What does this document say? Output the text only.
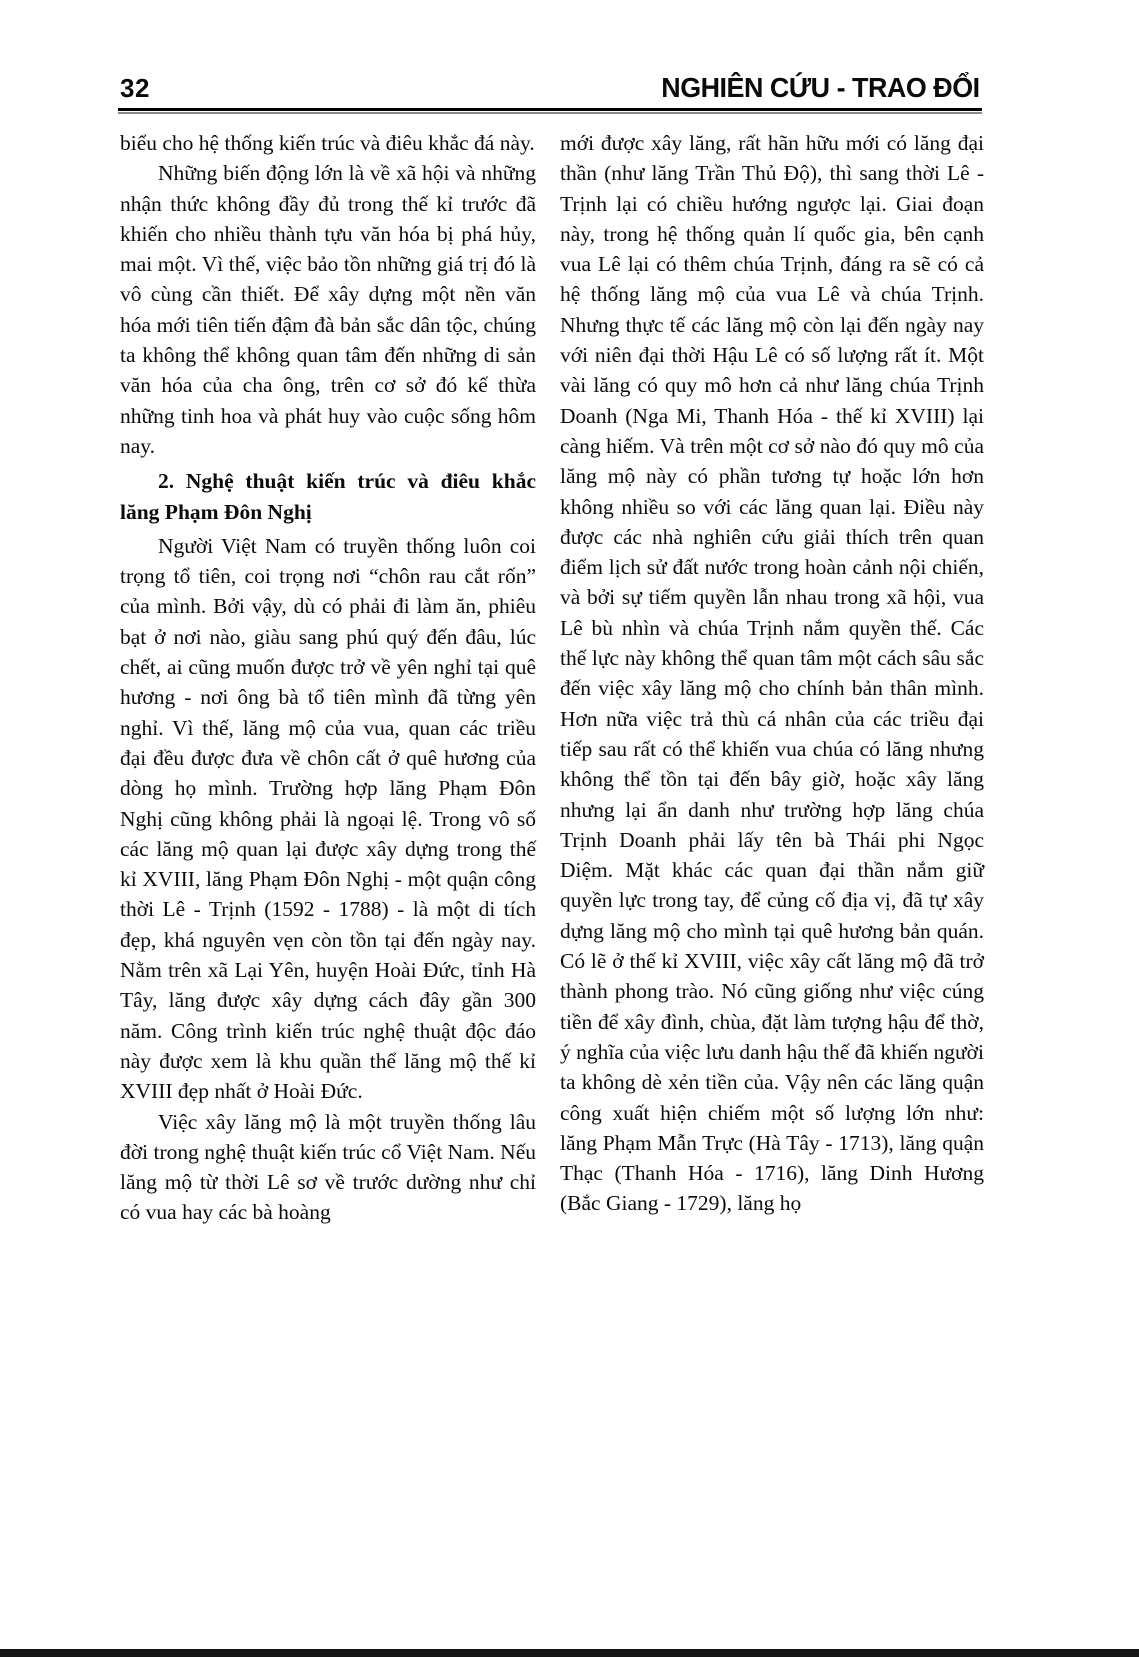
32	NGHIÊN CỨU - TRAO ĐỔI

biểu cho hệ thống kiến trúc và điêu khắc đá này.

Những biến động lớn là về xã hội và những nhận thức không đầy đủ trong thế kỉ trước đã khiến cho nhiều thành tựu văn hóa bị phá hủy, mai một. Vì thế, việc bảo tồn những giá trị đó là vô cùng cần thiết. Để xây dựng một nền văn hóa mới tiên tiến đậm đà bản sắc dân tộc, chúng ta không thể không quan tâm đến những di sản văn hóa của cha ông, trên cơ sở đó kế thừa những tinh hoa và phát huy vào cuộc sống hôm nay.

2. Nghệ thuật kiến trúc và điêu khắc lăng Phạm Đôn Nghị

Người Việt Nam có truyền thống luôn coi trọng tổ tiên, coi trọng nơi “chôn rau cắt rốn” của mình. Bởi vậy, dù có phải đi làm ăn, phiêu bạt ở nơi nào, giàu sang phú quý đến đâu, lúc chết, ai cũng muốn được trở về yên nghỉ tại quê hương - nơi ông bà tổ tiên mình đã từng yên nghỉ. Vì thế, lăng mộ của vua, quan các triều đại đều được đưa về chôn cất ở quê hương của dòng họ mình. Trường hợp lăng Phạm Đôn Nghị cũng không phải là ngoại lệ. Trong vô số các lăng mộ quan lại được xây dựng trong thế kỉ XVIII, lăng Phạm Đôn Nghị - một quận công thời Lê - Trịnh (1592 - 1788) - là một di tích đẹp, khá nguyên vẹn còn tồn tại đến ngày nay. Nằm trên xã Lại Yên, huyện Hoài Đức, tỉnh Hà Tây, lăng được xây dựng cách đây gần 300 năm. Công trình kiến trúc nghệ thuật độc đáo này được xem là khu quần thể lăng mộ thế kỉ XVIII đẹp nhất ở Hoài Đức.

Việc xây lăng mộ là một truyền thống lâu đời trong nghệ thuật kiến trúc cổ Việt Nam. Nếu lăng mộ từ thời Lê sơ về trước dường như chỉ có vua hay các bà hoàng

mới được xây lăng, rất hãn hữu mới có lăng đại thần (như lăng Trần Thủ Độ), thì sang thời Lê - Trịnh lại có chiều hướng ngược lại. Giai đoạn này, trong hệ thống quản lí quốc gia, bên cạnh vua Lê lại có thêm chúa Trịnh, đáng ra sẽ có cả hệ thống lăng mộ của vua Lê và chúa Trịnh. Nhưng thực tế các lăng mộ còn lại đến ngày nay với niên đại thời Hậu Lê có số lượng rất ít. Một vài lăng có quy mô hơn cả như lăng chúa Trịnh Doanh (Nga Mi, Thanh Hóa - thế kỉ XVIII) lại càng hiếm. Và trên một cơ sở nào đó quy mô của lăng mộ này có phần tương tự hoặc lớn hơn không nhiều so với các lăng quan lại. Điều này được các nhà nghiên cứu giải thích trên quan điểm lịch sử đất nước trong hoàn cảnh nội chiến, và bởi sự tiếm quyền lẫn nhau trong xã hội, vua Lê bù nhìn và chúa Trịnh nắm quyền thế. Các thế lực này không thể quan tâm một cách sâu sắc đến việc xây lăng mộ cho chính bản thân mình. Hơn nữa việc trả thù cá nhân của các triều đại tiếp sau rất có thể khiến vua chúa có lăng nhưng không thể tồn tại đến bây giờ, hoặc xây lăng nhưng lại ẩn danh như trường hợp lăng chúa Trịnh Doanh phải lấy tên bà Thái phi Ngọc Diệm. Mặt khác các quan đại thần nắm giữ quyền lực trong tay, để củng cố địa vị, đã tự xây dựng lăng mộ cho mình tại quê hương bản quán. Có lẽ ở thế kỉ XVIII, việc xây cất lăng mộ đã trở thành phong trào. Nó cũng giống như việc cúng tiền để xây đình, chùa, đặt làm tượng hậu để thờ, ý nghĩa của việc lưu danh hậu thế đã khiến người ta không dè xẻn tiền của. Vậy nên các lăng quận công xuất hiện chiếm một số lượng lớn như: lăng Phạm Mẫn Trực (Hà Tây - 1713), lăng quận Thạc (Thanh Hóa - 1716), lăng Dinh Hương (Bắc Giang - 1729), lăng họ
